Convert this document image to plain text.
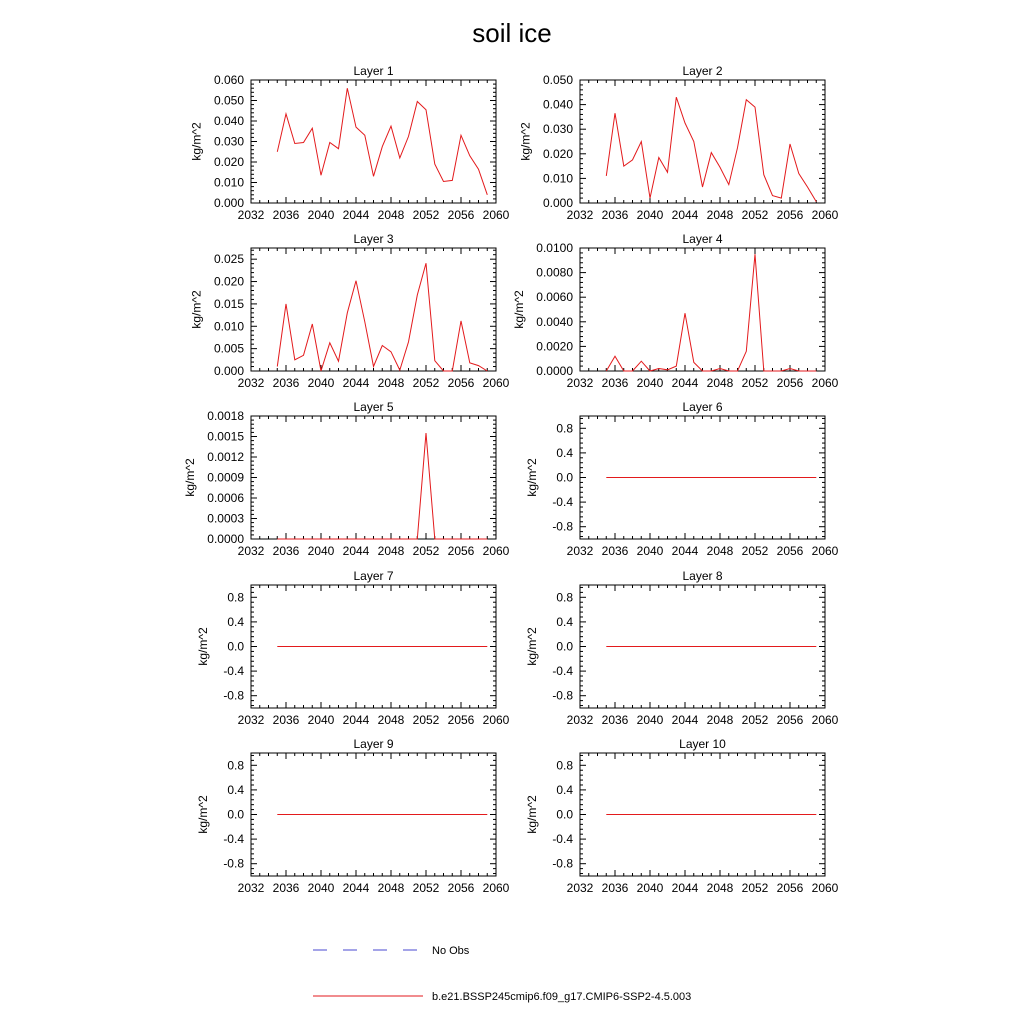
soil ice
Layer 1
2032 2036 2040 2044 2048 2052 2056 2060
0.000
0.010
0.020
0.030
0.040
0.050
0.060
kg/m^2
Layer 2
2032 2036 2040 2044 2048 2052 2056 2060
0.000
0.010
0.020
0.030
0.040
0.050
kg/m^2
Layer 3
2032 2036 2040 2044 2048 2052 2056 2060
0.000
0.005
0.010
0.015
0.020
0.025
kg/m^2
Layer 4
2032 2036 2040 2044 2048 2052 2056 2060
0.0000
0.0020
0.0040
0.0060
0.0080
0.0100
kg/m^2
Layer 5
2032 2036 2040 2044 2048 2052 2056 2060
0.0000
0.0003
0.0006
0.0009
0.0012
0.0015
0.0018
kg/m^2
Layer 6
2032 2036 2040 2044 2048 2052 2056 2060
-0.8
-0.4
0.0
0.4
0.8
kg/m^2
Layer 7
2032 2036 2040 2044 2048 2052 2056 2060
-0.8
-0.4
0.0
0.4
0.8
kg/m^2
Layer 8
2032 2036 2040 2044 2048 2052 2056 2060
-0.8
-0.4
0.0
0.4
0.8
kg/m^2
Layer 9
2032 2036 2040 2044 2048 2052 2056 2060
-0.8
-0.4
0.0
0.4
0.8
kg/m^2
Layer 10
2032 2036 2040 2044 2048 2052 2056 2060
-0.8
-0.4
0.0
0.4
0.8
kg/m^2
No Obs
b.e21.BSSP245cmip6.f09_g17.CMIP6-SSP2-4.5.003
